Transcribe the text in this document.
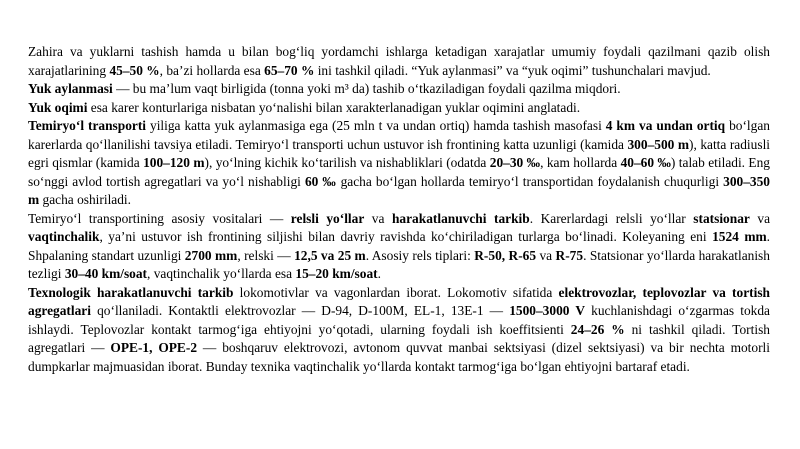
Zahira va yuklarni tashish hamda u bilan bog‘liq yordamchi ishlarga ketadigan xarajatlar umumiy foydali qazilmani qazib olish xarajatlarining 45–50 %, ba’zi hollarda esa 65–70 % ini tashkil qiladi. “Yuk aylanmasi” va “yuk oqimi” tushunchalari mavjud.

Yuk aylanmasi — bu ma’lum vaqt birligida (tonna yoki m³ da) tashib o‘tkaziladigan foydali qazilma miqdori.

Yuk oqimi esa karer konturlariga nisbatan yo‘nalishi bilan xarakterlanadigan yuklar oqimini anglatadi.

Temiryo‘l transporti yiliga katta yuk aylanmasiga ega (25 mln t va undan ortiq) hamda tashish masofasi 4 km va undan ortiq bo‘lgan karerlarda qo‘llanilishi tavsiya etiladi. Temiryo‘l transporti uchun ustuvor ish frontining katta uzunligi (kamida 300–500 m), katta radiusli egri qismlar (kamida 100–120 m), yo‘lning kichik ko‘tarilish va nishabliklari (odatda 20–30 ‰, kam hollarda 40–60 ‰) talab etiladi. Eng so‘nggi avlod tortish agregatlari va yo‘l nishabligi 60 ‰ gacha bo‘lgan hollarda temiryo‘l transportidan foydalanish chuqurligi 300–350 m gacha oshiriladi.

Temiryo‘l transportining asosiy vositalari — relsli yo‘llar va harakatlanuvchi tarkib. Karerlardagi relsli yo‘llar statsionar va vaqtinchalik, ya’ni ustuvor ish frontining siljishi bilan davriy ravishda ko‘chiriladigan turlarga bo‘linadi. Koleyaning eni 1524 mm. Shpalaning standart uzunligi 2700 mm, relski — 12,5 va 25 m. Asosiy rels tiplari: R-50, R-65 va R-75. Statsionar yo‘llarda harakatlanish tezligi 30–40 km/soat, vaqtinchalik yo‘llarda esa 15–20 km/soat.

Texnologik harakatlanuvchi tarkib lokomotivlar va vagonlardan iborat. Lokomotiv sifatida elektrovozlar, teplovozlar va tortish agregatlari qo‘llaniladi. Kontaktli elektrovozlar — D-94, D-100M, EL-1, 13E-1 — 1500–3000 V kuchlanishdagi o‘zgarmas tokda ishlaydi. Teplovozlar kontakt tarmog‘iga ehtiyojni yo‘qotadi, ularning foydali ish koeffitsienti 24–26 % ni tashkil qiladi. Tortish agregatlari — OPE-1, OPE-2 — boshqaruv elektrovozi, avtonom quvvat manbai sektsiyasi (dizel sektsiyasi) va bir nechta motorli dumpkarlar majmuasidan iborat. Bunday texnika vaqtinchalik yo‘llarda kontakt tarmog‘iga bo‘lgan ehtiyojni bartaraf etadi.
